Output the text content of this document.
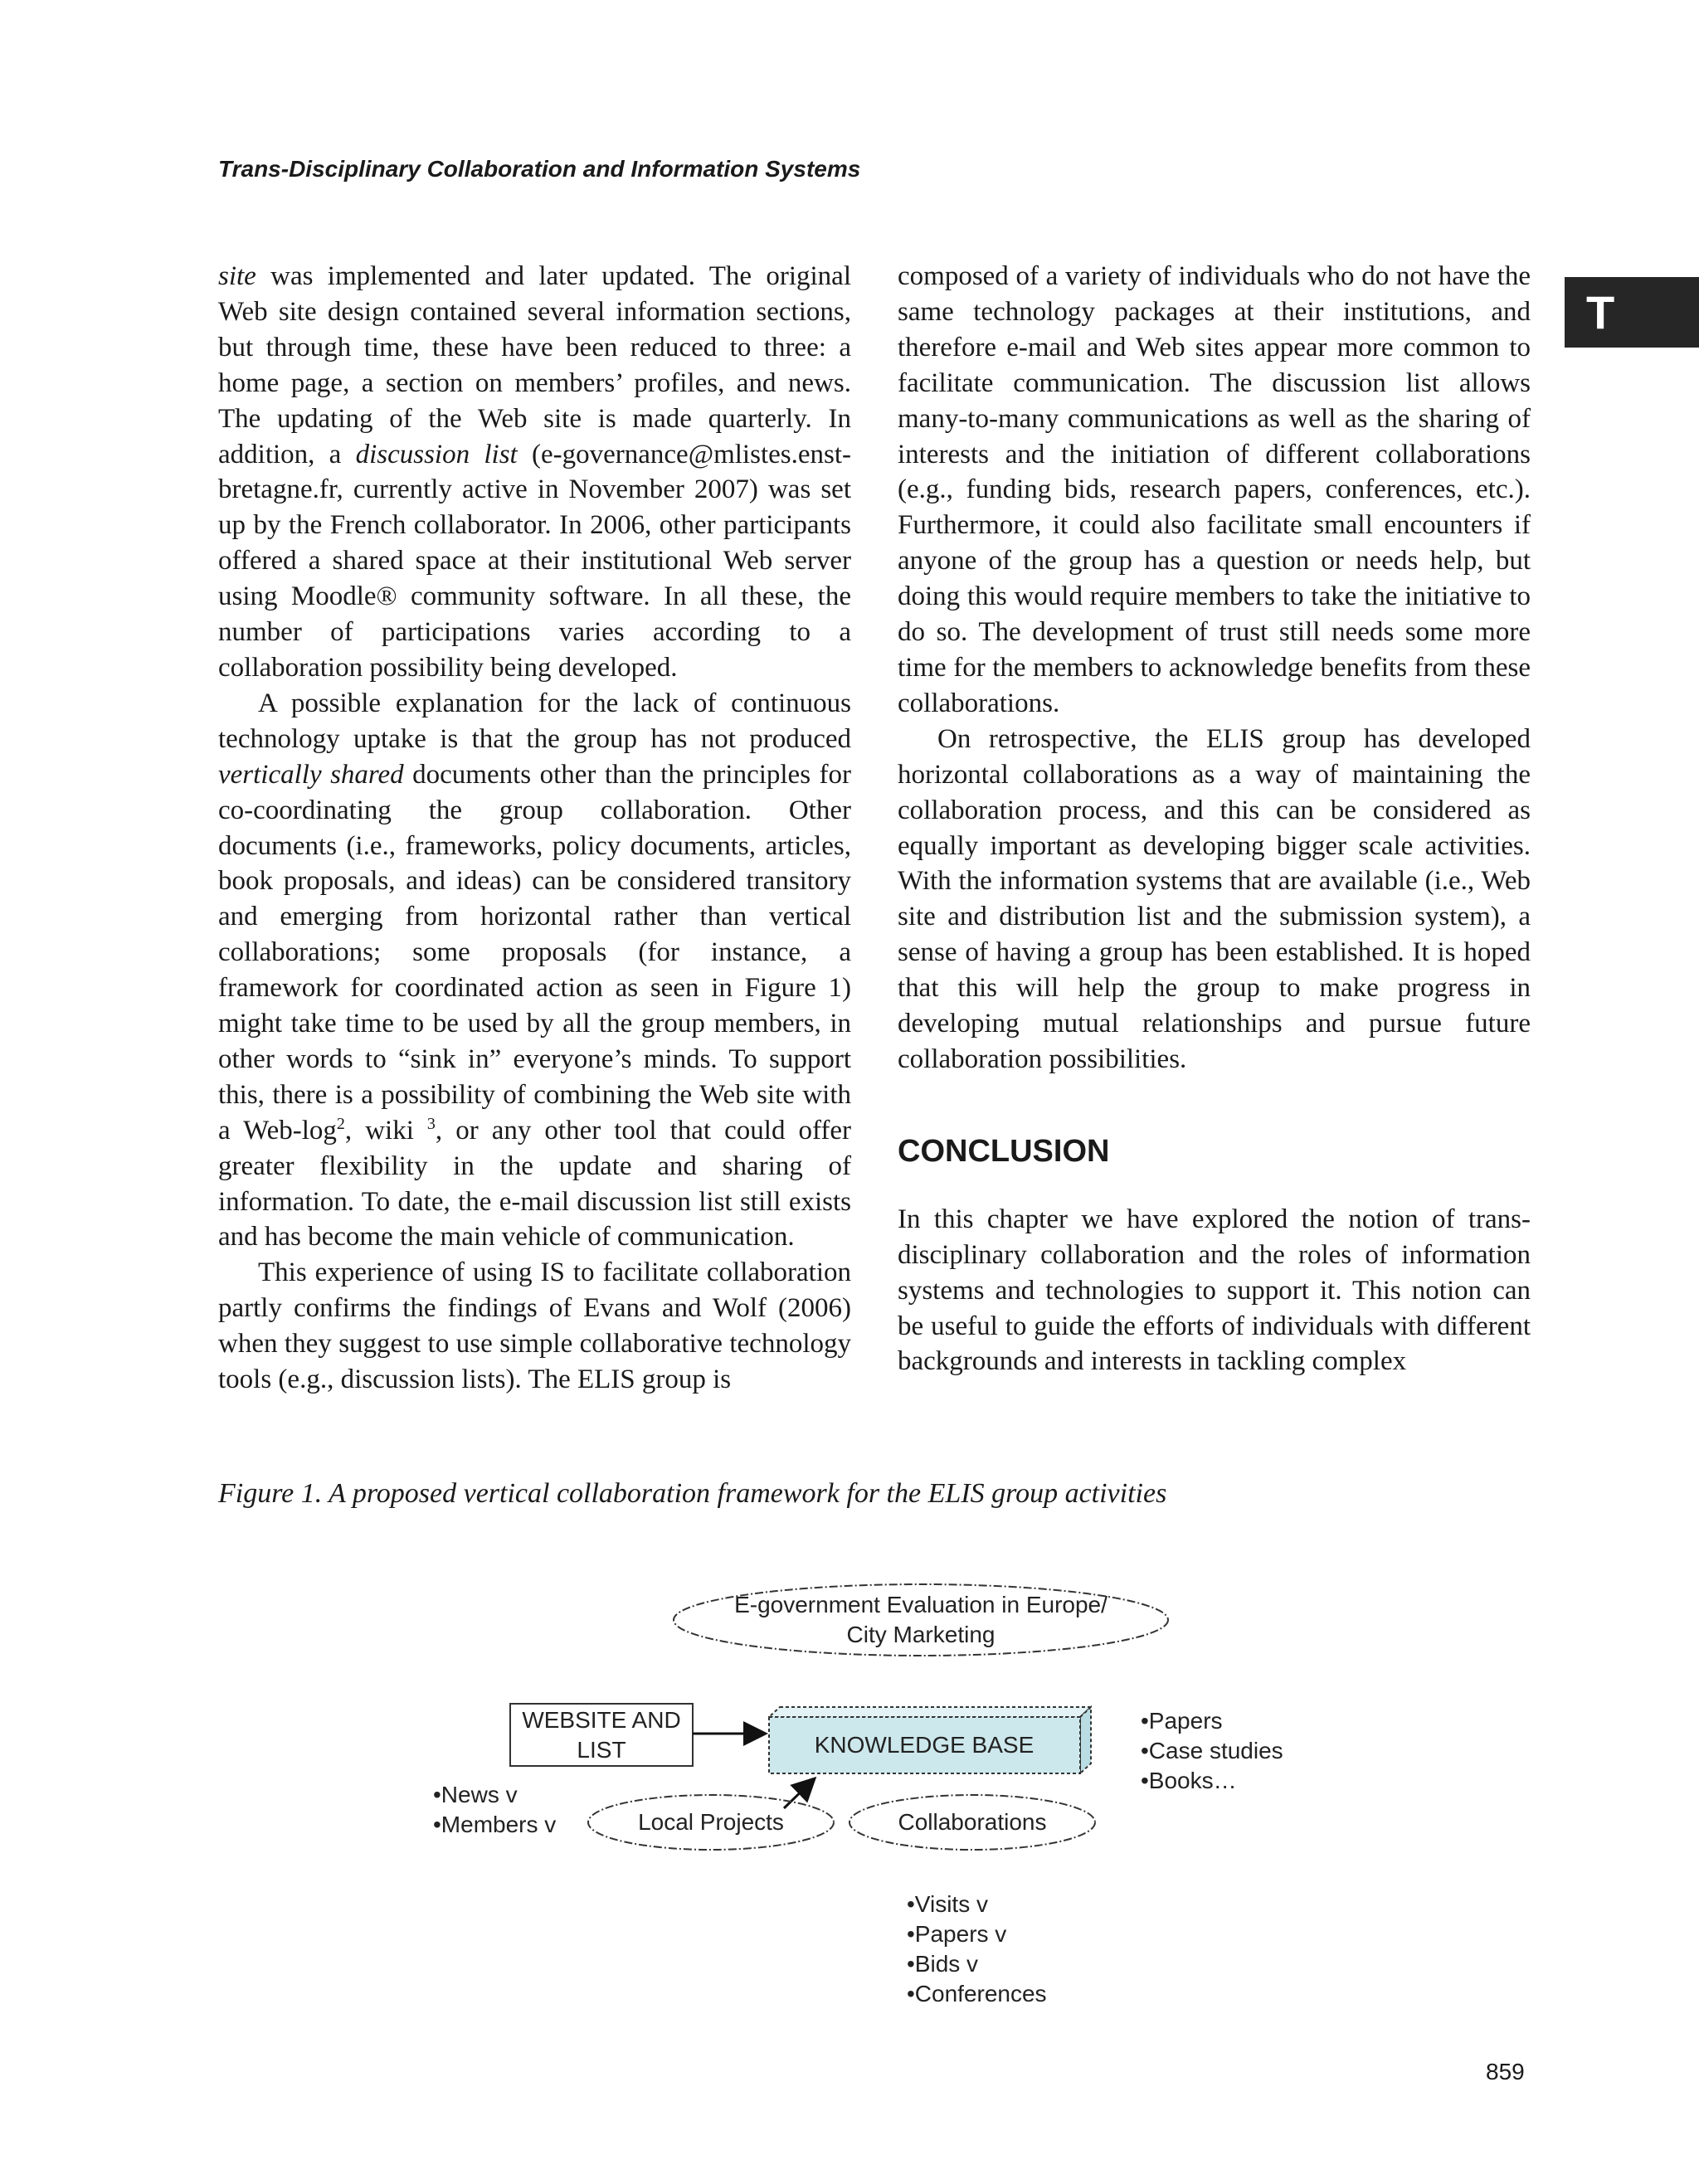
Trans-Disciplinary Collaboration and Information Systems
T

site was implemented and later updated. The original Web site design contained several information sections, but through time, these have been reduced to three: a home page, a section on members’ profiles, and news. The updating of the Web site is made quarterly. In addition, a discussion list (e-governance@mlistes.enst-bretagne.fr, currently active in November 2007) was set up by the French collaborator. In 2006, other participants offered a shared space at their institutional Web server using Moodle® community software. In all these, the number of participations varies according to a collaboration possibility being developed.

A possible explanation for the lack of continuous technology uptake is that the group has not produced vertically shared documents other than the principles for co-coordinating the group collaboration. Other documents (i.e., frameworks, policy documents, articles, book proposals, and ideas) can be considered transitory and emerging from horizontal rather than vertical collaborations; some proposals (for instance, a framework for coordinated action as seen in Figure 1) might take time to be used by all the group members, in other words to “sink in” everyone’s minds. To support this, there is a possibility of combining the Web site with a Web-$\log^2$, wiki $^3$, or any other tool that could offer greater flexibility in the update and sharing of information. To date, the e-mail discussion list still exists and has become the main vehicle of communication.

This experience of using IS to facilitate collaboration partly confirms the findings of Evans and Wolf (2006) when they suggest to use simple collaborative technology tools (e.g., discussion lists). The ELIS group is

composed of a variety of individuals who do not have the same technology packages at their institutions, and therefore e-mail and Web sites appear more common to facilitate communication. The discussion list allows many-to-many communications as well as the sharing of interests and the initiation of different collaborations (e.g., funding bids, research papers, conferences, etc.). Furthermore, it could also facilitate small encounters if anyone of the group has a question or needs help, but doing this would require members to take the initiative to do so. The development of trust still needs some more time for the members to acknowledge benefits from these collaborations.

On retrospective, the ELIS group has developed horizontal collaborations as a way of maintaining the collaboration process, and this can be considered as equally important as developing bigger scale activities. With the information systems that are available (i.e., Web site and distribution list and the submission system), a sense of having a group has been established. It is hoped that this will help the group to make progress in developing mutual relationships and pursue future collaboration possibilities.

CONCLUSION

In this chapter we have explored the notion of trans-disciplinary collaboration and the roles of information systems and technologies to support it. This notion can be useful to guide the efforts of individuals with different backgrounds and interests in tackling complex

Figure 1. A proposed vertical collaboration framework for the ELIS group activities
E-government Evaluation in Europe/
City Marketing
WEBSITE AND
LIST	KNOWLEDGE BASE
Local Projects	Collaborations
•News v
•Members v
•Papers
•Case studies
•Books…
•Visits v
•Papers v
•Bids v
•Conferences
859
